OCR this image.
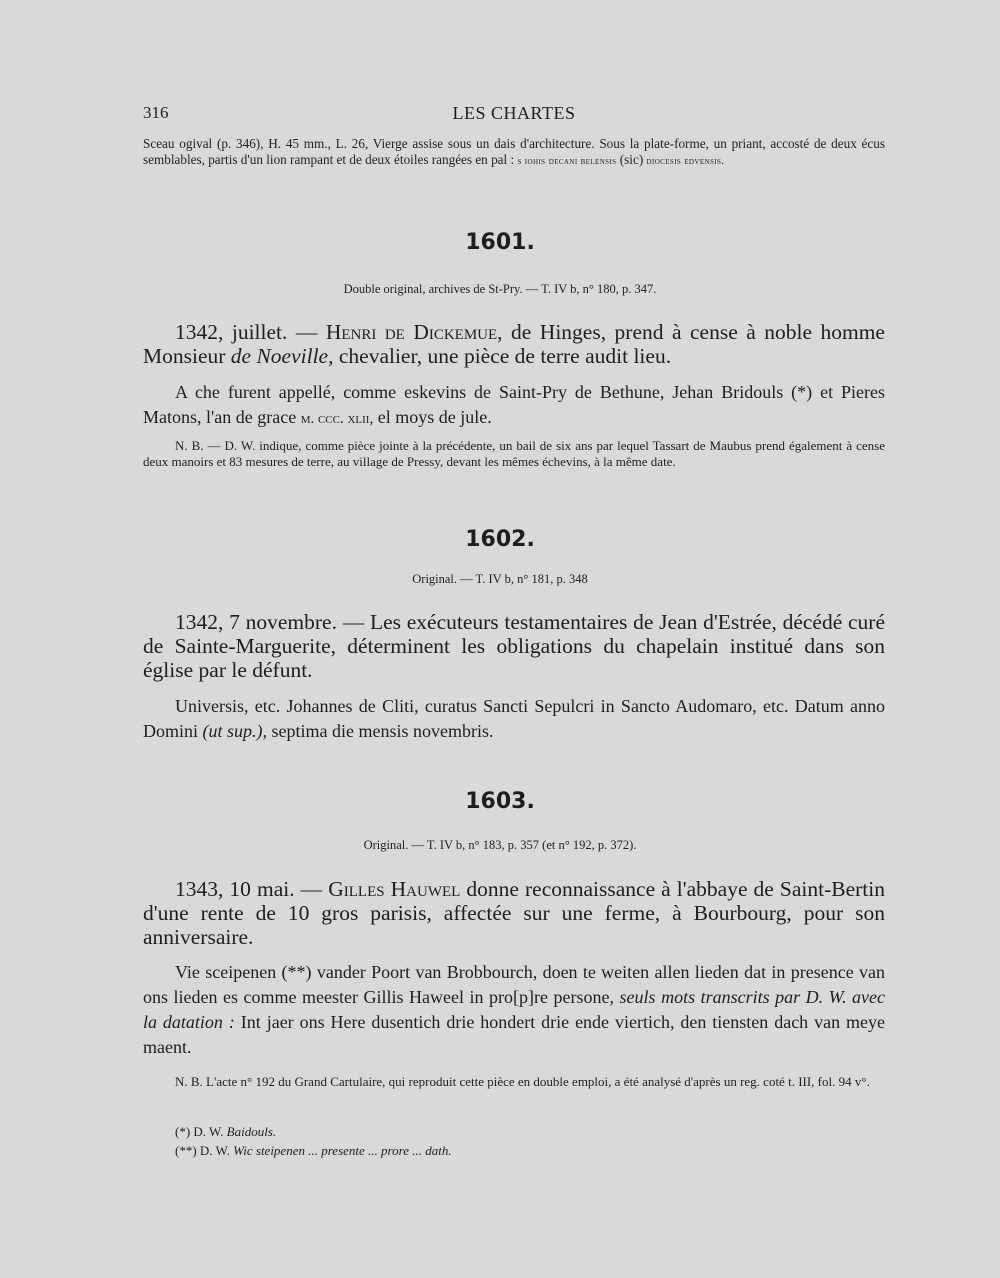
316	LES CHARTES
Sceau ogival (p. 346), H. 45 mm., L. 26, Vierge assise sous un dais d'architecture. Sous la plate-forme, un priant, accosté de deux écus semblables, partis d'un lion rampant et de deux étoiles rangées en pal : s iohis decani belensis (sic) diocesis edvensis.
1601.
Double original, archives de St-Pry. — T. IV b, n° 180, p. 347.
1342, juillet. — Henri de Dickemue, de Hinges, prend à cense à noble homme Monsieur de Noeville, chevalier, une pièce de terre audit lieu.
A che furent appellé, comme eskevins de Saint-Pry de Bethune, Jehan Bridouls (*) et Pieres Matons, l'an de grace m. ccc. xlii, el moys de jule.
N. B. — D. W. indique, comme pièce jointe à la précédente, un bail de six ans par lequel Tassart de Maubus prend également à cense deux manoirs et 83 mesures de terre, au village de Pressy, devant les mêmes échevins, à la même date.
1602.
Original. — T. IV b, n° 181, p. 348
1342, 7 novembre. — Les exécuteurs testamentaires de Jean d'Estrée, décédé curé de Sainte-Marguerite, déterminent les obligations du chapelain institué dans son église par le défunt.
Universis, etc. Johannes de Cliti, curatus Sancti Sepulcri in Sancto Audomaro, etc. Datum anno Domini (ut sup.), septima die mensis novembris.
1603.
Original. — T. IV b, n° 183, p. 357 (et n° 192, p. 372).
1343, 10 mai. — Gilles Hauwel donne reconnaissance à l'abbaye de Saint-Bertin d'une rente de 10 gros parisis, affectée sur une ferme, à Bourbourg, pour son anniversaire.
Vie sceipenen (**) vander Poort van Brobbourch, doen te weiten allen lieden dat in presence van ons lieden es comme meester Gillis Haweel in pro[p]re persone, seuls mots transcrits par D. W. avec la datation : Int jaer ons Here dusentich drie hondert drie ende viertich, den tiensten dach van meye maent.
N. B. L'acte n° 192 du Grand Cartulaire, qui reproduit cette pièce en double emploi, a été analysé d'après un reg. coté t. III, fol. 94 v°.
(*) D. W. Baidouls.
(**) D. W. Wic steipenen ... presente ... prore ... dath.
